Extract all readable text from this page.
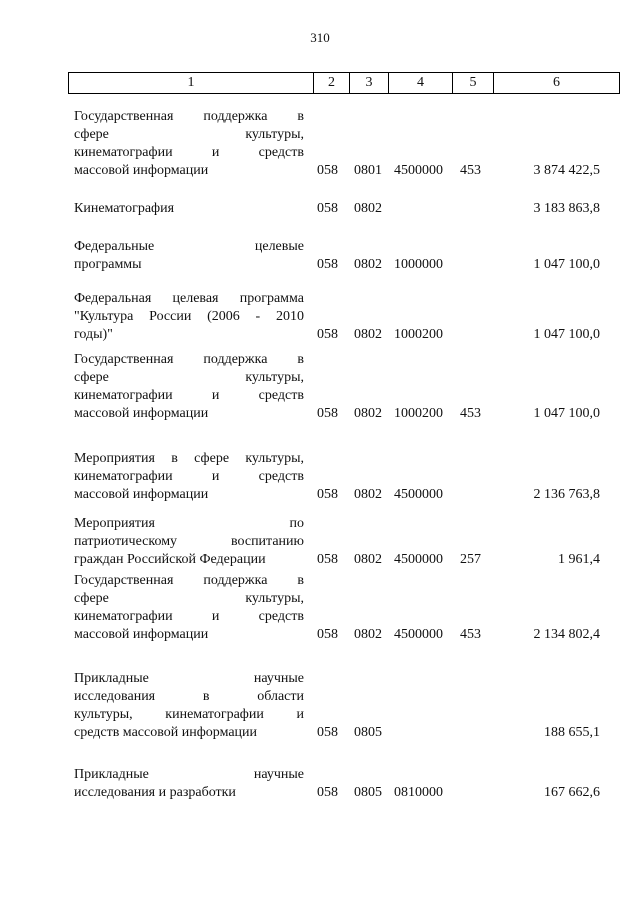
310
1	2	3	4	5	6
Государственная поддержка в
сфере культуры,
кинематографии и средств
массовой информации	058 0801 4500000 453	3 874 422,5
Кинематография	058 0802	3 183 863,8
Федеральные целевые
программы	058 0802 1000000	1 047 100,0
Федеральная целевая программа
"Культура России (2006 - 2010
годы)"	058 0802 1000200	1 047 100,0
Государственная поддержка в
сфере культуры,
кинематографии и средств
массовой информации	058 0802 1000200 453	1 047 100,0
Мероприятия в сфере культуры,
кинематографии и средств
массовой информации	058 0802 4500000	2 136 763,8
Мероприятия по
патриотическому воспитанию
граждан Российской Федерации	058 0802 4500000 257	1 961,4
Государственная поддержка в
сфере культуры,
кинематографии и средств
массовой информации	058 0802 4500000 453	2 134 802,4
Прикладные научные
исследования в области
культуры, кинематографии и
средств массовой информации	058 0805	188 655,1
Прикладные научные
исследования и разработки	058 0805 0810000	167 662,6
